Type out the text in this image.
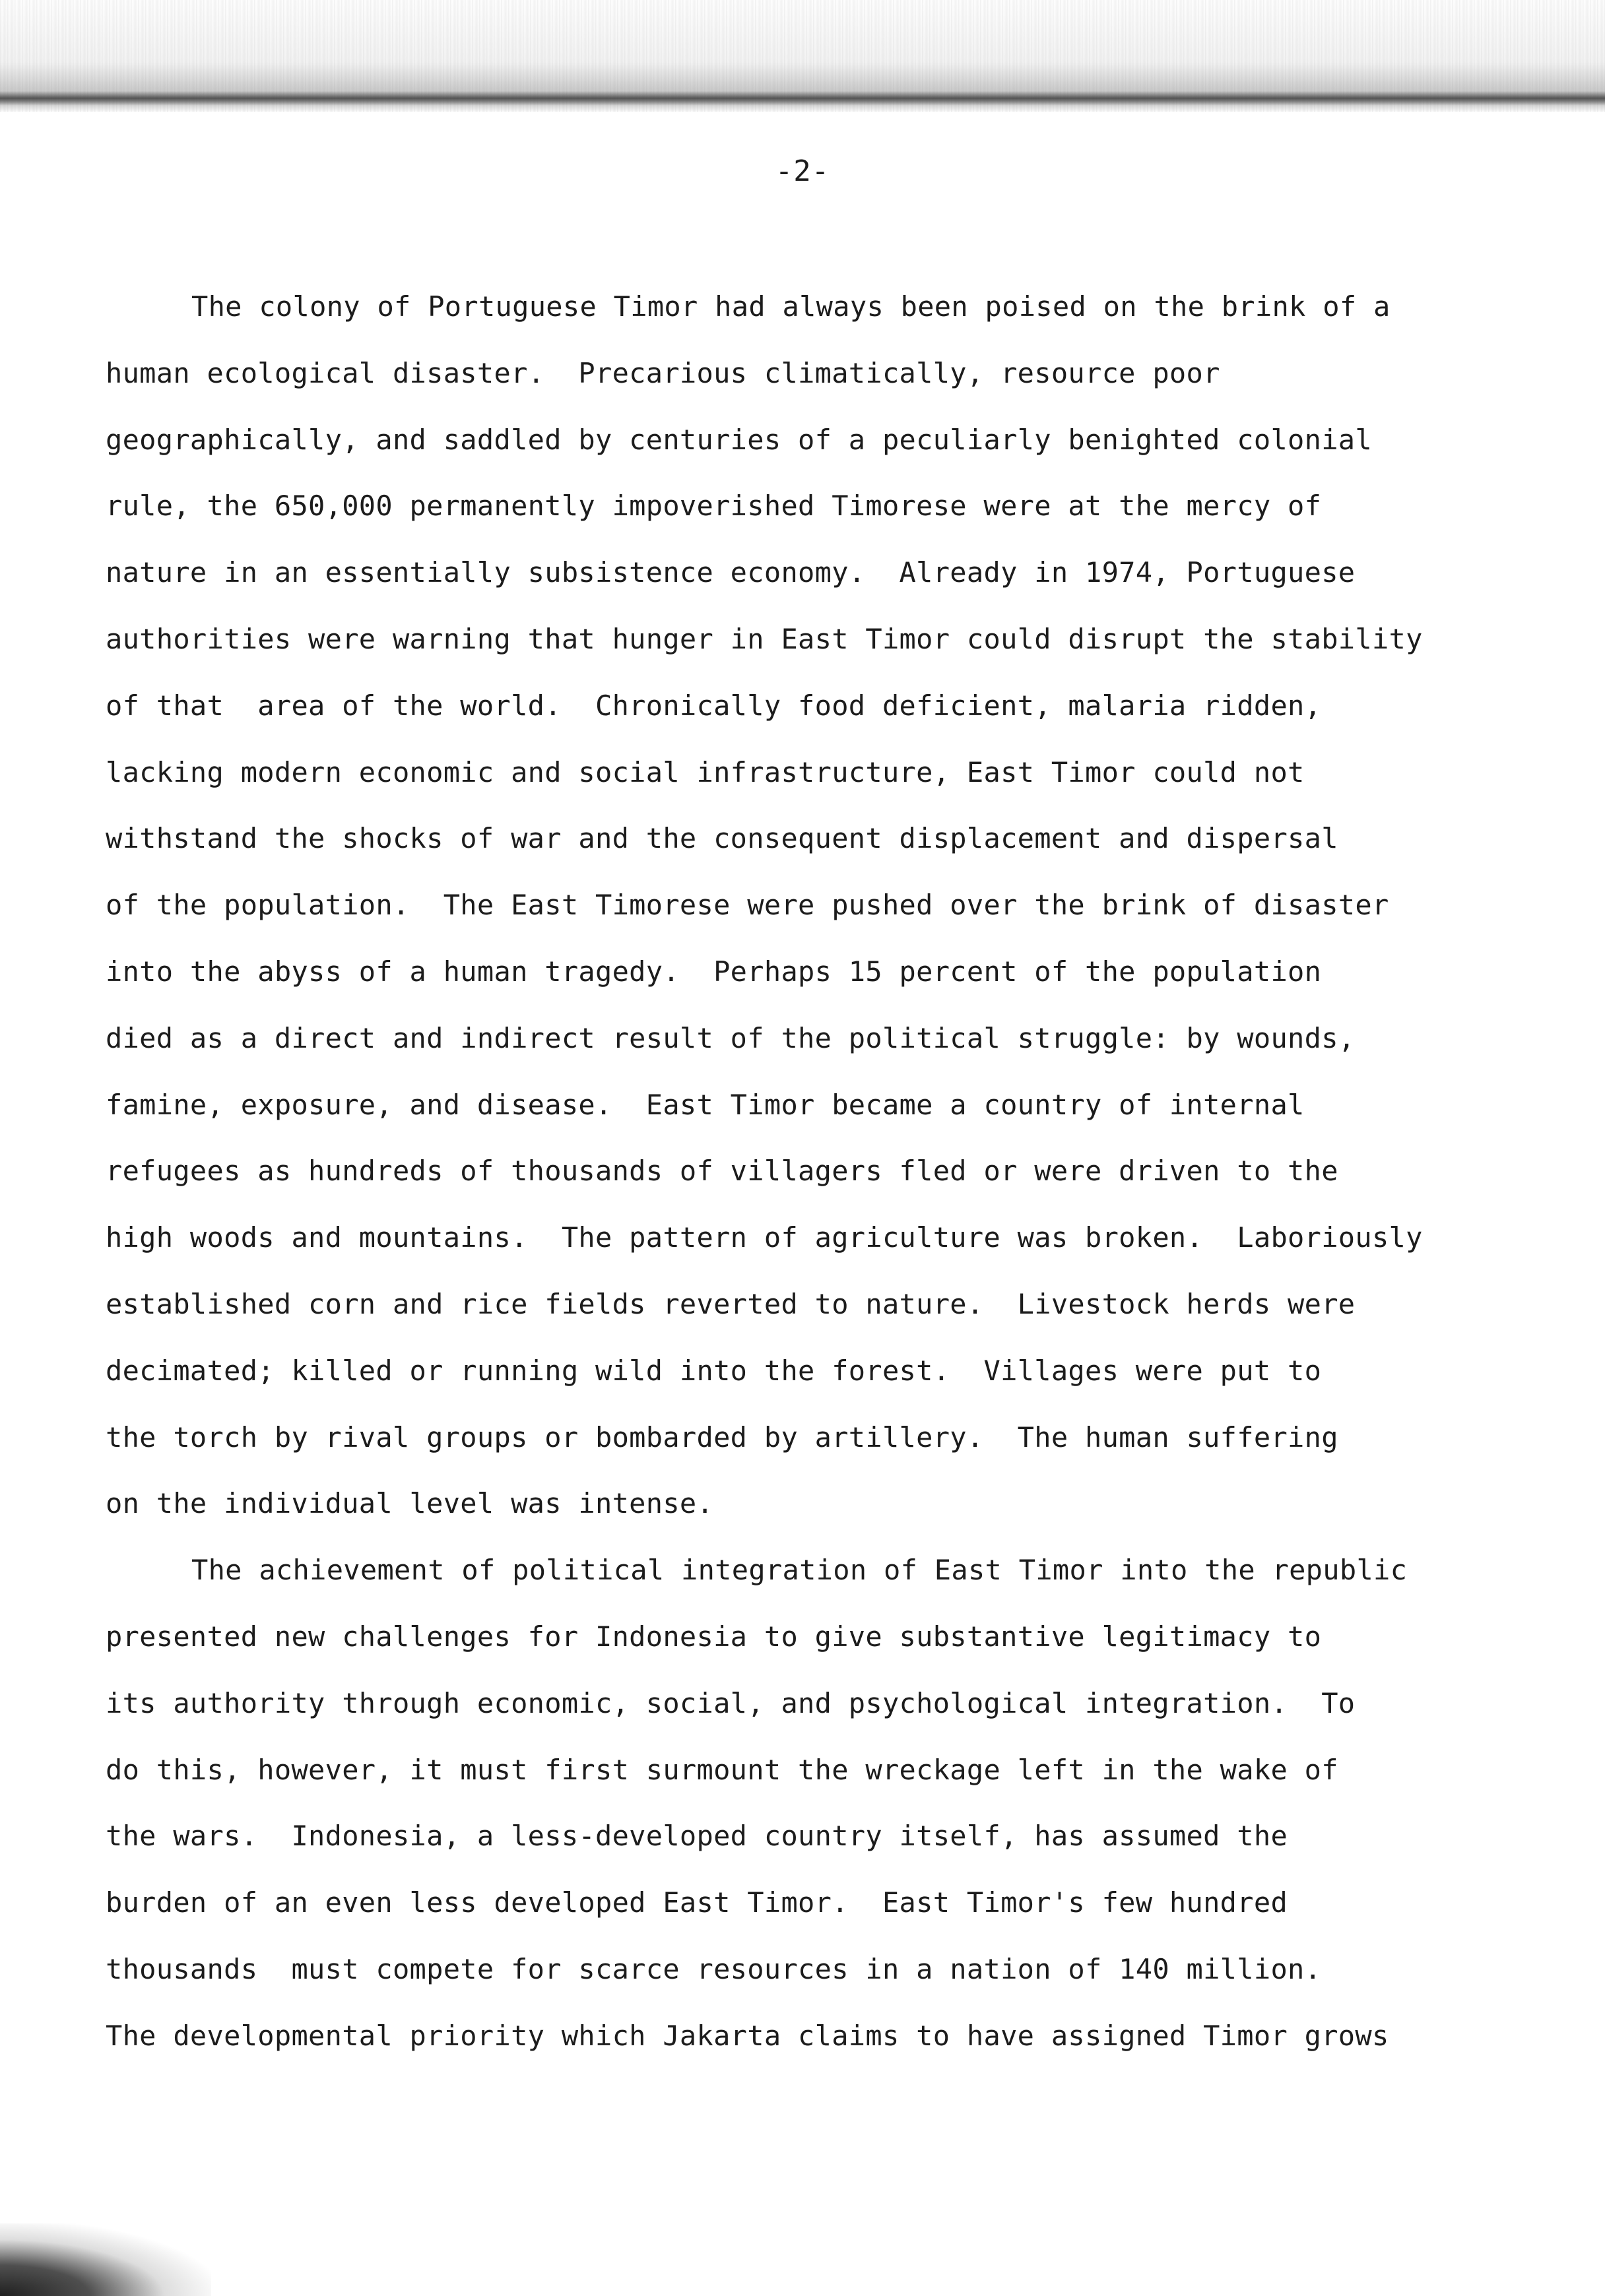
-2-
The colony of Portuguese Timor had always been poised on the brink of a
human ecological disaster.  Precarious climatically, resource poor
geographically, and saddled by centuries of a peculiarly benighted colonial
rule, the 650,000 permanently impoverished Timorese were at the mercy of
nature in an essentially subsistence economy.  Already in 1974, Portuguese
authorities were warning that hunger in East Timor could disrupt the stability
of that  area of the world.  Chronically food deficient, malaria ridden,
lacking modern economic and social infrastructure, East Timor could not
withstand the shocks of war and the consequent displacement and dispersal
of the population.  The East Timorese were pushed over the brink of disaster
into the abyss of a human tragedy.  Perhaps 15 percent of the population
died as a direct and indirect result of the political struggle: by wounds,
famine, exposure, and disease.  East Timor became a country of internal
refugees as hundreds of thousands of villagers fled or were driven to the
high woods and mountains.  The pattern of agriculture was broken.  Laboriously
established corn and rice fields reverted to nature.  Livestock herds were
decimated; killed or running wild into the forest.  Villages were put to
the torch by rival groups or bombarded by artillery.  The human suffering
on the individual level was intense.
The achievement of political integration of East Timor into the republic
presented new challenges for Indonesia to give substantive legitimacy to
its authority through economic, social, and psychological integration.  To
do this, however, it must first surmount the wreckage left in the wake of
the wars.  Indonesia, a less-developed country itself, has assumed the
burden of an even less developed East Timor.  East Timor's few hundred
thousands  must compete for scarce resources in a nation of 140 million.
The developmental priority which Jakarta claims to have assigned Timor grows
